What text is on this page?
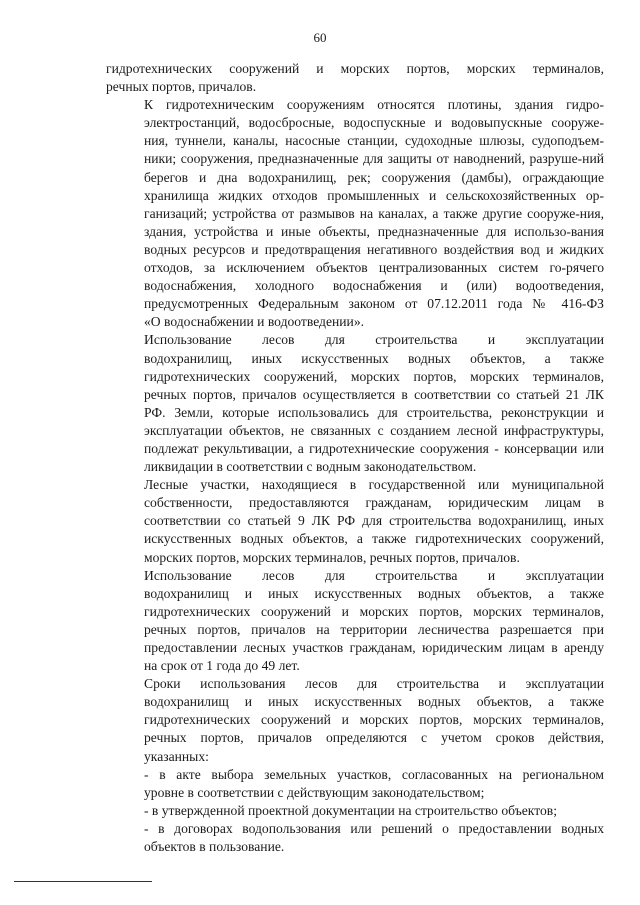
60

гидротехнических сооружений и морских портов, морских терминалов,
речных портов, причалов.

К гидротехническим сооружениям относятся плотины, здания гидро-
электростанций, водосбросные, водоспускные и водовыпускные сооруже-
ния, туннели, каналы, насосные станции, судоходные шлюзы, судоподъем-
ники; сооружения, предназначенные для защиты от наводнений, разруше-ний
берегов и дна водохранилищ, рек; сооружения (дамбы), ограждающие
хранилища жидких отходов промышленных и сельскохозяйственных ор-
ганизаций; устройства от размывов на каналах, а также другие сооруже-ния,
здания, устройства и иные объекты, предназначенные для использо-вания
водных ресурсов и предотвращения негативного воздействия вод и жидких
отходов, за исключением объектов централизованных систем го-рячего
водоснабжения, холодного водоснабжения и (или) водоотведения,
предусмотренных Федеральным законом от 07.12.2011 года № 416-ФЗ
«О водоснабжении и водоотведении».

Использование лесов для строительства и эксплуатации
водохранилищ, иных искусственных водных объектов, а также
гидротехнических сооружений, морских портов, морских терминалов,
речных портов, причалов осуществляется в соответствии со статьей 21 ЛК
РФ. Земли, которые использовались для строительства, реконструкции и
эксплуатации объектов, не связанных с созданием лесной инфраструктуры,
подлежат рекультивации, а гидротехнические сооружения - консервации или
ликвидации в соответствии с водным законодательством.

Лесные участки, находящиеся в государственной или муниципальной
собственности, предоставляются гражданам, юридическим лицам в
соответствии со статьей 9 ЛК РФ для строительства водохранилищ, иных
искусственных водных объектов, а также гидротехнических сооружений,
морских портов, морских терминалов, речных портов, причалов.

Использование лесов для строительства и эксплуатации
водохранилищ и иных искусственных водных объектов, а также
гидротехнических сооружений и морских портов, морских терминалов,
речных портов, причалов на территории лесничества разрешается при
предоставлении лесных участков гражданам, юридическим лицам в аренду
на срок от 1 года до 49 лет.

Сроки использования лесов для строительства и эксплуатации
водохранилищ и иных искусственных водных объектов, а также
гидротехнических сооружений и морских портов, морских терминалов,
речных портов, причалов определяются с учетом сроков действия,
указанных:

- в акте выбора земельных участков, согласованных на региональном
уровне в соответствии с действующим законодательством;

- в утвержденной проектной документации на строительство объектов;

- в договорах водопользования или решений о предоставлении водных
объектов в пользование.
